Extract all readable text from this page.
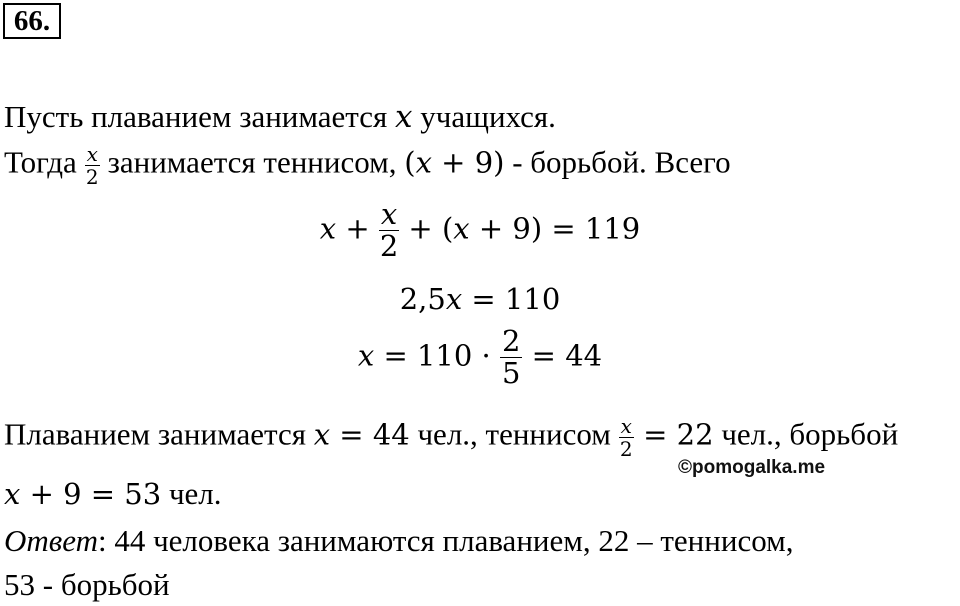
66.
Пусть плаванием занимается x учащихся.
Тогда $\frac{x}{2}$ занимается теннисом, (x + 9) - борьбой. Всего
$x + \frac{x}{2} + (x + 9) = 119$
2,5x = 110
$x = 110 \cdot \frac{2}{5} = 44$
Плаванием занимается x = 44 чел., теннисом $\frac{x}{2} = 22$ чел., борьбой
©pomogalka.me
x + 9 = 53 чел.
Ответ: 44 человека занимаются плаванием, 22 – теннисом,
53 - борьбой
